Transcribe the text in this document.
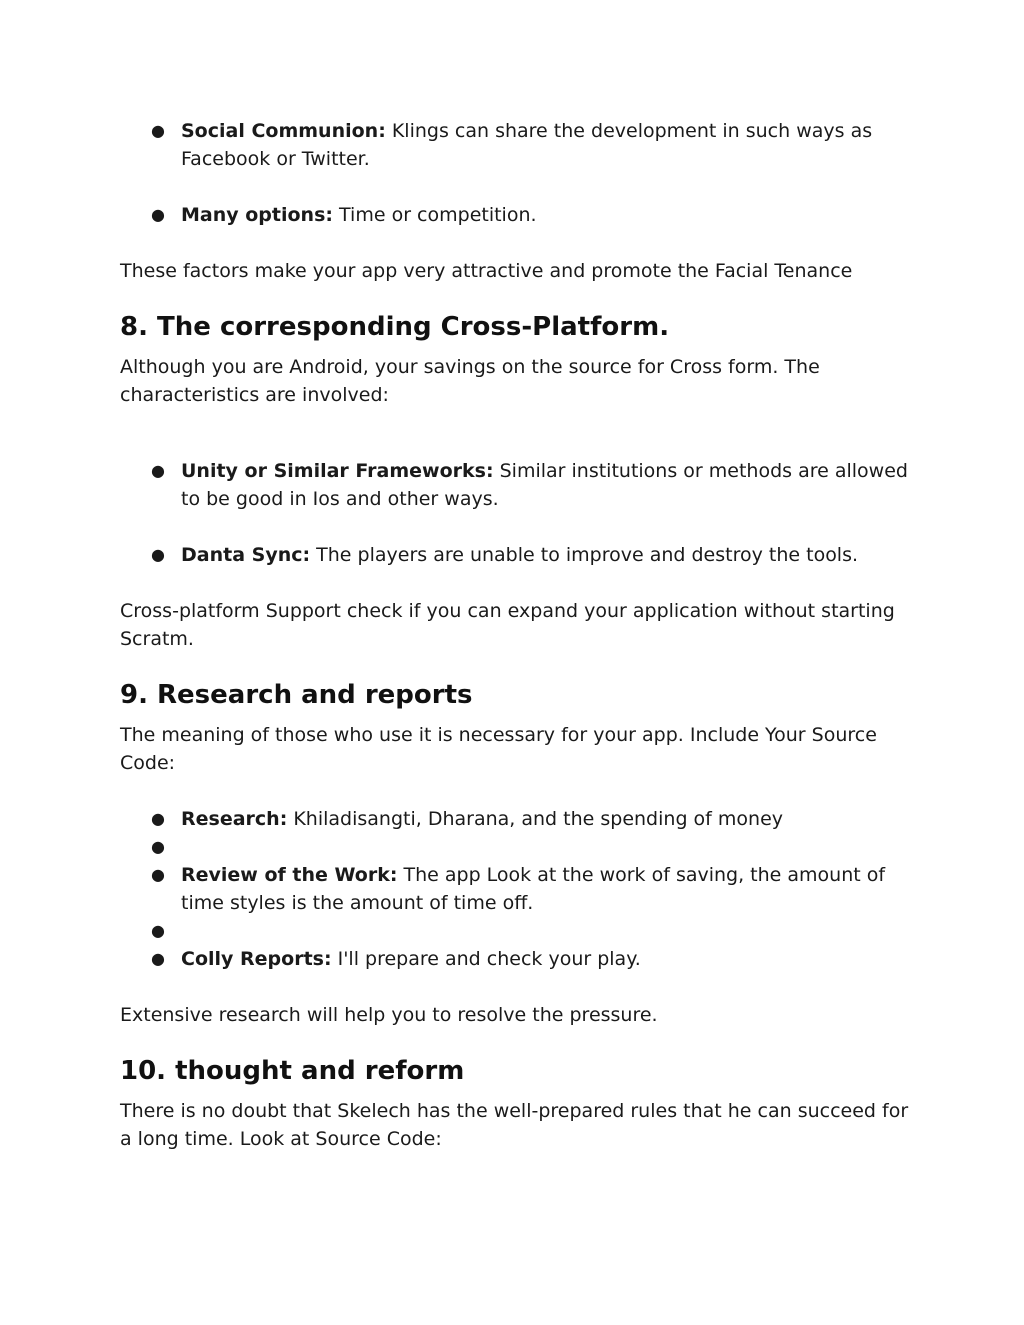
● Social Communion: Klings can share the development in such ways as Facebook or Twitter.
● Many options: Time or competition.

These factors make your app very attractive and promote the Facial Tenance

8. The corresponding Cross-Platform.

Although you are Android, your savings on the source for Cross form. The characteristics are involved:

● Unity or Similar Frameworks: Similar institutions or methods are allowed to be good in Ios and other ways.
● Danta Sync: The players are unable to improve and destroy the tools.

Cross-platform Support check if you can expand your application without starting Scratm.

9. Research and reports

The meaning of those who use it is necessary for your app. Include Your Source Code:

● Research: Khiladisangti, Dharana, and the spending of money
●
● Review of the Work: The app Look at the work of saving, the amount of time styles is the amount of time off.
●
● Colly Reports: I'll prepare and check your play.

Extensive research will help you to resolve the pressure.

10. thought and reform

There is no doubt that Skelech has the well-prepared rules that he can succeed for a long time. Look at Source Code:
